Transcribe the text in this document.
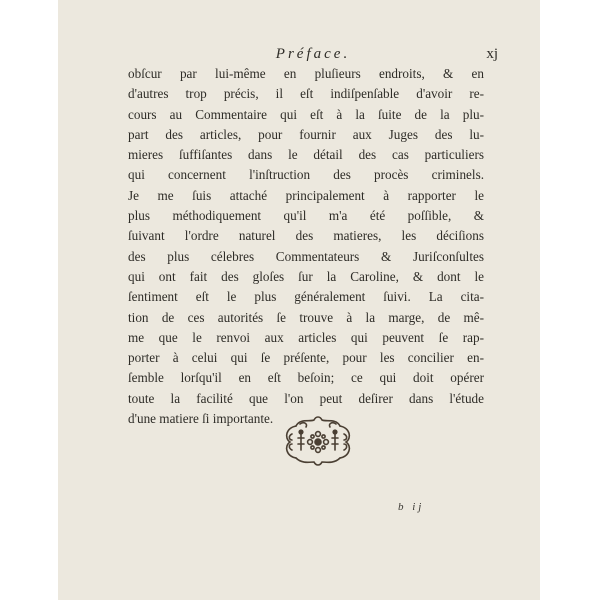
Préface.	xj
obſcur par lui-même en pluſieurs endroits, & en
d'autres trop précis, il eſt indiſpenſable d'avoir re-
cours au Commentaire qui eſt à la ſuite de la plu-
part des articles, pour fournir aux Juges des lu-
mieres ſuffiſantes dans le détail des cas particuliers
qui concernent l'inſtruction des procès criminels.
Je me ſuis attaché principalement à rapporter le
plus méthodiquement qu'il m'a été poſſible, &
ſuivant l'ordre naturel des matieres, les déciſions
des plus célebres Commentateurs & Juriſconſultes
qui ont fait des gloſes ſur la Caroline, & dont le
ſentiment eſt le plus généralement ſuivi. La cita-
tion de ces autorités ſe trouve à la marge, de mê-
me que le renvoi aux articles qui peuvent ſe rap-
porter à celui qui ſe préſente, pour les concilier en-
ſemble lorſqu'il en eſt beſoin; ce qui doit opérer
toute la facilité que l'on peut deſirer dans l'étude
d'une matiere ſi importante.
b ij
